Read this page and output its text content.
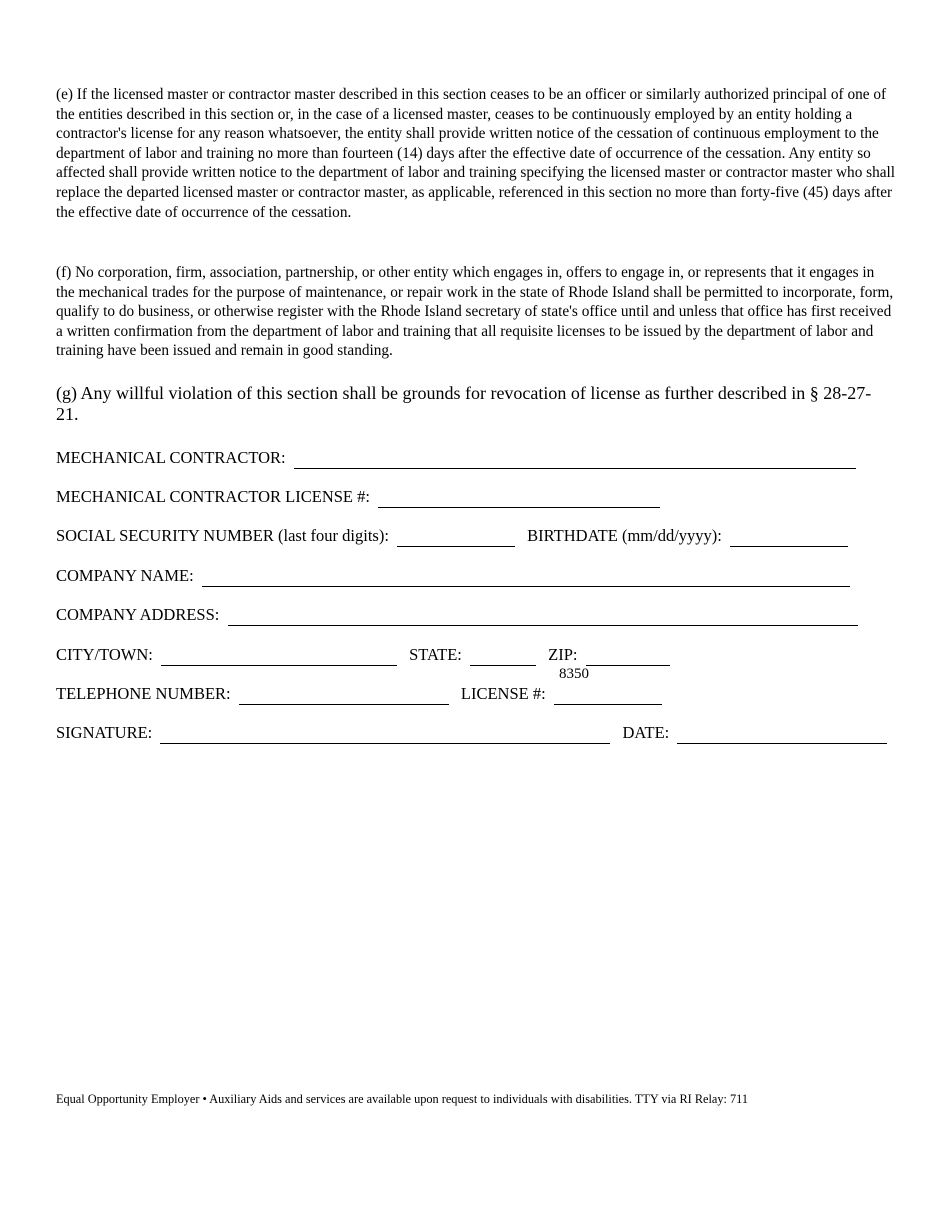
(e) If the licensed master or contractor master described in this section ceases to be an officer or similarly authorized principal of one of the entities described in this section or, in the case of a licensed master, ceases to be continuously employed by an entity holding a contractor's license for any reason whatsoever, the entity shall provide written notice of the cessation of continuous employment to the department of labor and training no more than fourteen (14) days after the effective date of occurrence of the cessation. Any entity so affected shall provide written notice to the department of labor and training specifying the licensed master or contractor master who shall replace the departed licensed master or contractor master, as applicable, referenced in this section no more than forty-five (45) days after the effective date of occurrence of the cessation.

(f) No corporation, firm, association, partnership, or other entity which engages in, offers to engage in, or represents that it engages in the mechanical trades for the purpose of maintenance, or repair work in the state of Rhode Island shall be permitted to incorporate, form, qualify to do business, or otherwise register with the Rhode Island secretary of state's office until and unless that office has first received a written confirmation from the department of labor and training that all requisite licenses to be issued by the department of labor and training have been issued and remain in good standing.

(g) Any willful violation of this section shall be grounds for revocation of license as further described in § 28-27-21.

MECHANICAL CONTRACTOR:
MECHANICAL CONTRACTOR LICENSE #:
SOCIAL SECURITY NUMBER (last four digits):	BIRTHDATE (mm/dd/yyyy):
COMPANY NAME:
COMPANY ADDRESS:
CITY/TOWN:	STATE:	ZIP:
8350
TELEPHONE NUMBER:	LICENSE #:
SIGNATURE:	DATE:
Equal Opportunity Employer • Auxiliary Aids and services are available upon request to individuals with disabilities. TTY via RI Relay: 711
